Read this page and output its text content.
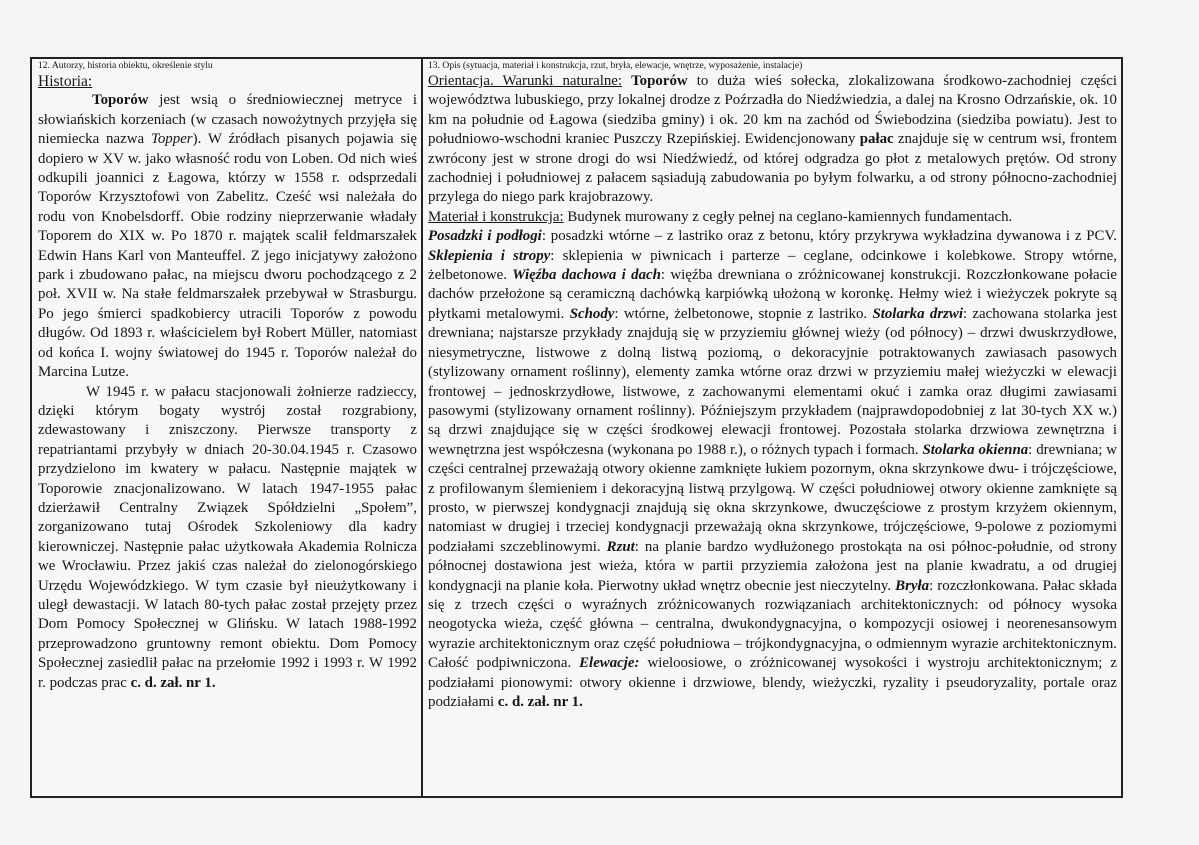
12. Autorzy, historia obiektu, określenie stylu
Historia:

Toporów jest wsią o średniowiecznej metryce i słowiańskich korzeniach (w czasach nowożytnych przyjęła się niemiecka nazwa Topper). W źródłach pisanych pojawia się dopiero w XV w. jako własność rodu von Loben. Od nich wieś odkupili joannici z Łagowa, którzy w 1558 r. odsprzedali Toporów Krzysztofowi von Zabelitz. Cześć wsi należała do rodu von Knobelsdorff. Obie rodziny nieprzerwanie władały Toporem do XIX w. Po 1870 r. majątek scalił feldmarszałek Edwin Hans Karl von Manteuffel. Z jego inicjatywy założono park i zbudowano pałac, na miejscu dworu pochodzącego z 2 poł. XVII w. Na stałe feldmarszałek przebywał w Strasburgu. Po jego śmierci spadkobiercy utracili Toporów z powodu długów. Od 1893 r. właścicielem był Robert Müller, natomiast od końca I. wojny światowej do 1945 r. Toporów należał do Marcina Lutze.

W 1945 r. w pałacu stacjonowali żołnierze radzieccy, dzięki którym bogaty wystrój został rozgrabiony, zdewastowany i zniszczony. Pierwsze transporty z repatriantami przybyły w dniach 20-30.04.1945 r. Czasowo przydzielono im kwatery w pałacu. Następnie majątek w Toporowie znacjonalizowano. W latach 1947-1955 pałac dzierżawił Centralny Związek Spółdzielni „Społem”, zorganizowano tutaj Ośrodek Szkoleniowy dla kadry kierowniczej. Następnie pałac użytkowała Akademia Rolnicza we Wrocławiu. Przez jakiś czas należał do zielonogórskiego Urzędu Wojewódzkiego. W tym czasie był nieużytkowany i uległ dewastacji. W latach 80-tych pałac został przejęty przez Dom Pomocy Społecznej w Glińsku. W latach 1988-1992 przeprowadzono gruntowny remont obiektu. Dom Pomocy Społecznej zasiedlił pałac na przełomie 1992 i 1993 r. W 1992 r. podczas prac c. d. zał. nr 1.

13. Opis (sytuacja, materiał i konstrukcja, rzut, bryła, elewacje, wnętrze, wyposażenie, instalacje)

Orientacja. Warunki naturalne: Toporów to duża wieś sołecka, zlokalizowana środkowo-zachodniej części województwa lubuskiego, przy lokalnej drodze z Poźrzadła do Niedźwiedzia, a dalej na Krosno Odrzańskie, ok. 10 km na południe od Łagowa (siedziba gminy) i ok. 20 km na zachód od Świebodzina (siedziba powiatu). Jest to południowo-wschodni kraniec Puszczy Rzepińskiej. Ewidencjonowany pałac znajduje się w centrum wsi, frontem zwrócony jest w strone drogi do wsi Niedźwiedź, od której odgradza go płot z metalowych prętów. Od strony zachodniej i południowej z pałacem sąsiadują zabudowania po byłym folwarku, a od strony północno-zachodniej przylega do niego park krajobrazowy.

Materiał i konstrukcja: Budynek murowany z cegły pełnej na ceglano-kamiennych fundamentach.

Posadzki i podłogi: posadzki wtórne – z lastriko oraz z betonu, który przykrywa wykładzina dywanowa i z PCV. Sklepienia i stropy: sklepienia w piwnicach i parterze – ceglane, odcinkowe i kolebkowe. Stropy wtórne, żelbetonowe. Więźba dachowa i dach: więźba drewniana o zróżnicowanej konstrukcji. Rozczłonkowane połacie dachów przełożone są ceramiczną dachówką karpiówką ułożoną w koronkę. Hełmy wież i wieżyczek pokryte są płytkami metalowymi. Schody: wtórne, żelbetonowe, stopnie z lastriko. Stolarka drzwi: zachowana stolarka jest drewniana; najstarsze przykłady znajdują się w przyziemiu głównej wieży (od północy) – drzwi dwuskrzydłowe, niesymetryczne, listwowe z dolną listwą poziomą, o dekoracyjnie potraktowanych zawiasach pasowych (stylizowany ornament roślinny), elementy zamka wtórne oraz drzwi w przyziemiu małej wieżyczki w elewacji frontowej – jednoskrzydłowe, listwowe, z zachowanymi elementami okuć i zamka oraz długimi zawiasami pasowymi (stylizowany ornament roślinny). Późniejszym przykładem (najprawdopodobniej z lat 30-tych XX w.) są drzwi znajdujące się w części środkowej elewacji frontowej. Pozostała stolarka drzwiowa zewnętrzna i wewnętrzna jest współczesna (wykonana po 1988 r.), o różnych typach i formach. Stolarka okienna: drewniana; w części centralnej przeważają otwory okienne zamknięte łukiem pozornym, okna skrzynkowe dwu- i trójczęściowe, z profilowanym ślemieniem i dekoracyjną listwą przylgową. W części południowej otwory okienne zamknięte są prosto, w pierwszej kondygnacji znajdują się okna skrzynkowe, dwuczęściowe z prostym krzyżem okiennym, natomiast w drugiej i trzeciej kondygnacji przeważają okna skrzynkowe, trójczęściowe, 9-polowe z poziomymi podziałami szczeblinowymi. Rzut: na planie bardzo wydłużonego prostokąta na osi północ-południe, od strony północnej dostawiona jest wieża, która w partii przyziemia założona jest na planie kwadratu, a od drugiej kondygnacji na planie koła. Pierwotny układ wnętrz obecnie jest nieczytelny. Bryła: rozczłonkowana. Pałac składa się z trzech części o wyraźnych zróżnicowanych rozwiązaniach architektonicznych: od północy wysoka neogotycka wieża, część główna – centralna, dwukondygnacyjna, o kompozycji osiowej i neorenesansowym wyrazie architektonicznym oraz część południowa – trójkondygnacyjna, o odmiennym wyrazie architektonicznym. Całość podpiwniczona. Elewacje: wieloosiowe, o zróżnicowanej wysokości i wystroju architektonicznym; z podziałami pionowymi: otwory okienne i drzwiowe, blendy, wieżyczki, ryzality i pseudoryzality, portale oraz podziałami c. d. zał. nr 1.
